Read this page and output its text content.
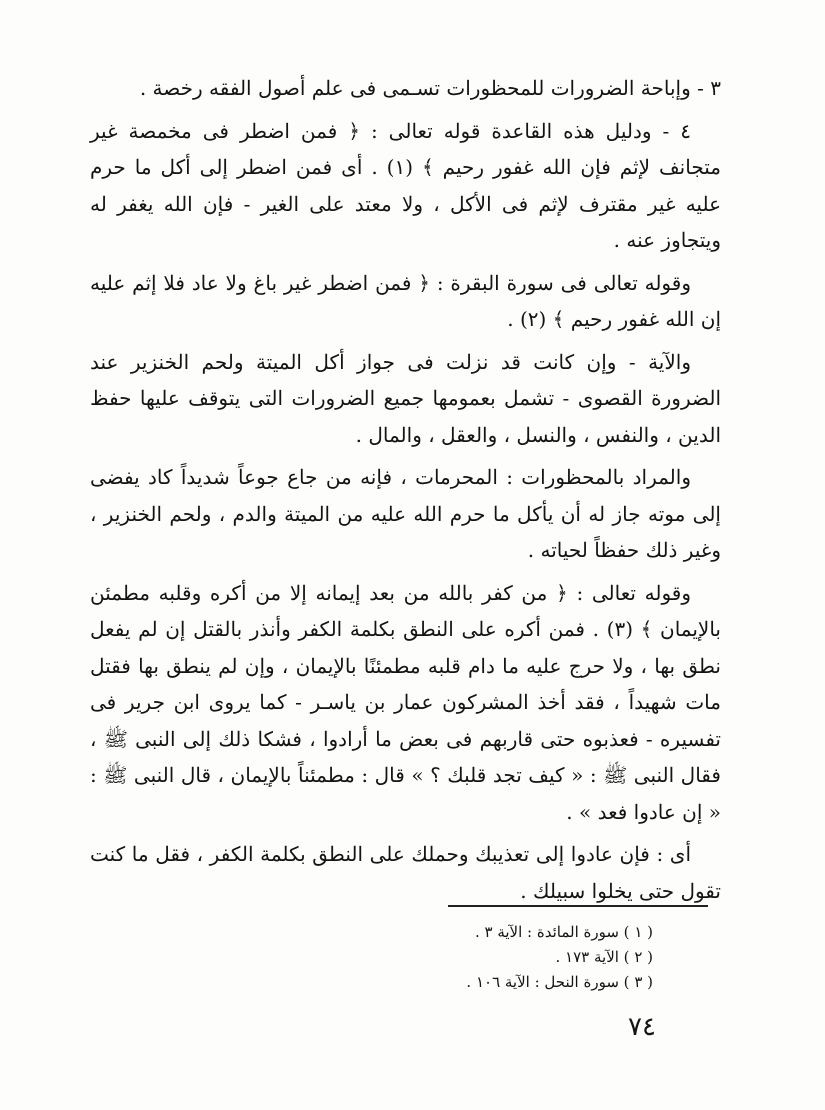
٣ - وإباحة الضرورات للمحظورات تسـمى فى علم أصول الفقه رخصة .

٤ - ودليل هذه القاعدة قوله تعالى : ﴿ فمن اضطر فى مخمصة غير متجانف لإثم فإن الله غفور رحيم ﴾ (١) . أى فمن اضطر إلى أكل ما حرم عليه غير مقترف لإثم فى الأكل ، ولا معتد على الغير - فإن الله يغفر له ويتجاوز عنه .

وقوله تعالى فى سورة البقرة : ﴿ فمن اضطر غير باغ ولا عاد فلا إثم عليه إن الله غفور رحيم ﴾ (٢) .

والآية - وإن كانت قد نزلت فى جواز أكل الميتة ولحم الخنزير عند الضرورة القصوى - تشمل بعمومها جميع الضرورات التى يتوقف عليها حفظ الدين ، والنفس ، والنسل ، والعقل ، والمال .

والمراد بالمحظورات : المحرمات ، فإنه من جاع جوعاً شديداً كاد يفضى إلى موته جاز له أن يأكل ما حرم الله عليه من الميتة والدم ، ولحم الخنزير ، وغير ذلك حفظاً لحياته .

وقوله تعالى : ﴿ من كفر بالله من بعد إيمانه إلا من أكره وقلبه مطمئن بالإيمان ﴾ (٣) . فمن أكره على النطق بكلمة الكفر وأنذر بالقتل إن لم يفعل نطق بها ، ولا حرج عليه ما دام قلبه مطمئنًا بالإيمان ، وإن لم ينطق بها فقتل مات شهيداً ، فقد أخذ المشركون عمار بن ياسـر - كما يروى ابن جرير فى تفسيره - فعذبوه حتى قاربهم فى بعض ما أرادوا ، فشكا ذلك إلى النبى ﷺ ، فقال النبى ﷺ : « كيف تجد قلبك ؟ » قال : مطمئناً بالإيمان ، قال النبى ﷺ : « إن عادوا فعد » .

أى : فإن عادوا إلى تعذيبك وحملك على النطق بكلمة الكفر ، فقل ما كنت تقول حتى يخلوا سبيلك .

( ١ ) سورة المائدة : الآية ٣ .
( ٢ ) الآية ١٧٣ .
( ٣ ) سورة النحل : الآية ١٠٦ .
٧٤
